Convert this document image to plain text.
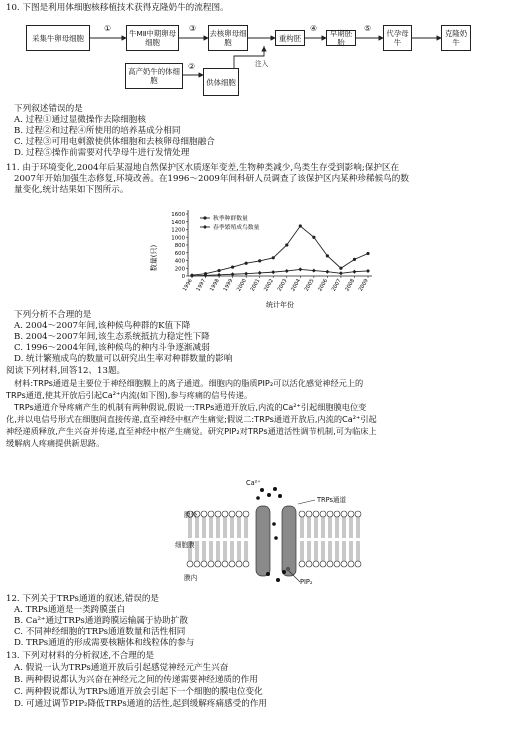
10. 下图是利用体细胞核移植技术获得克隆奶牛的流程图。
采集牛卵母细胞	牛MⅡ中期卵母细胞
去核卵母细胞	重构胚	早期胚胎
代孕母牛
克隆奶牛
高产奶牛的体细胞	供体细胞
①	③	④	⑤
②	注入
下列叙述错误的是
A. 过程①通过显微操作去除细胞核
B. 过程②和过程④所使用的培养基成分相同
C. 过程③可用电刺激使供体细胞和去核卵母细胞融合
D. 过程⑤操作前需要对代孕母牛进行发情处理
11. 由于环境变化,2004年后某湿地自然保护区水质逐年变差,生物种类减少,鸟类生存受到影响;保护区在
2007年开始加强生态修复,环境改善。在1996～2009年间科研人员调查了该保护区内某种珍稀候鸟的数
量变化,统计结果如下图所示。
0
200
400
600
800
1000
1200
1400
1600
1996 1997 1998 1999 2000 2001 2002 2003 2004 2005 2006 2007 2008 2009
秋季种群数量
春季繁殖成鸟数量
数量(只)
统计年份
下列分析不合理的是
A. 2004～2007年间,该种候鸟种群的K值下降
B. 2004～2007年间,该生态系统抵抗力稳定性下降
C. 1996～2004年间,该种候鸟的种内斗争逐渐减弱
D. 统计繁殖成鸟的数量可以研究出生率对种群数量的影响
阅读下列材料,回答12、13题。
材料:TRPs通道是主要位于神经细胞膜上的离子通道。细胞内的脂质PIP₂可以活化感觉神经元上的
TRPs通道,使其开放后引起Ca²⁺内流(如下图),参与疼痛的信号传递。
TRPs通道介导疼痛产生的机制有两种假说,假说一:TRPs通道开放后,内流的Ca²⁺引起细胞膜电位变
化,并以电信号形式在细胞间直接传递,直至神经中枢产生痛觉;假说二:TRPs通道开放后,内流的Ca²⁺引起
神经递质释放,产生兴奋并传递,直至神经中枢产生痛觉。研究PIP₂对TRPs通道活性调节机制,可为临床上
缓解病人疼痛提供新思路。
Ca²⁺
TRPs通道
膜外
细胞膜
膜内	PIP₂
12. 下列关于TRPs通道的叙述,错误的是
A. TRPs通道是一类跨膜蛋白
B. Ca²⁺通过TRPs通道跨膜运输属于协助扩散
C. 不同神经细胞的TRPs通道数量和活性相同
D. TRPs通道的形成需要核糖体和线粒体的参与
13. 下列对材料的分析叙述,不合理的是
A. 假说一认为TRPs通道开放后引起感觉神经元产生兴奋
B. 两种假说都认为兴奋在神经元之间的传递需要神经递质的作用
C. 两种假说都认为TRPs通道开放会引起下一个细胞的膜电位变化
D. 可通过调节PIP₂降低TRPs通道的活性,起到缓解疼痛感受的作用
